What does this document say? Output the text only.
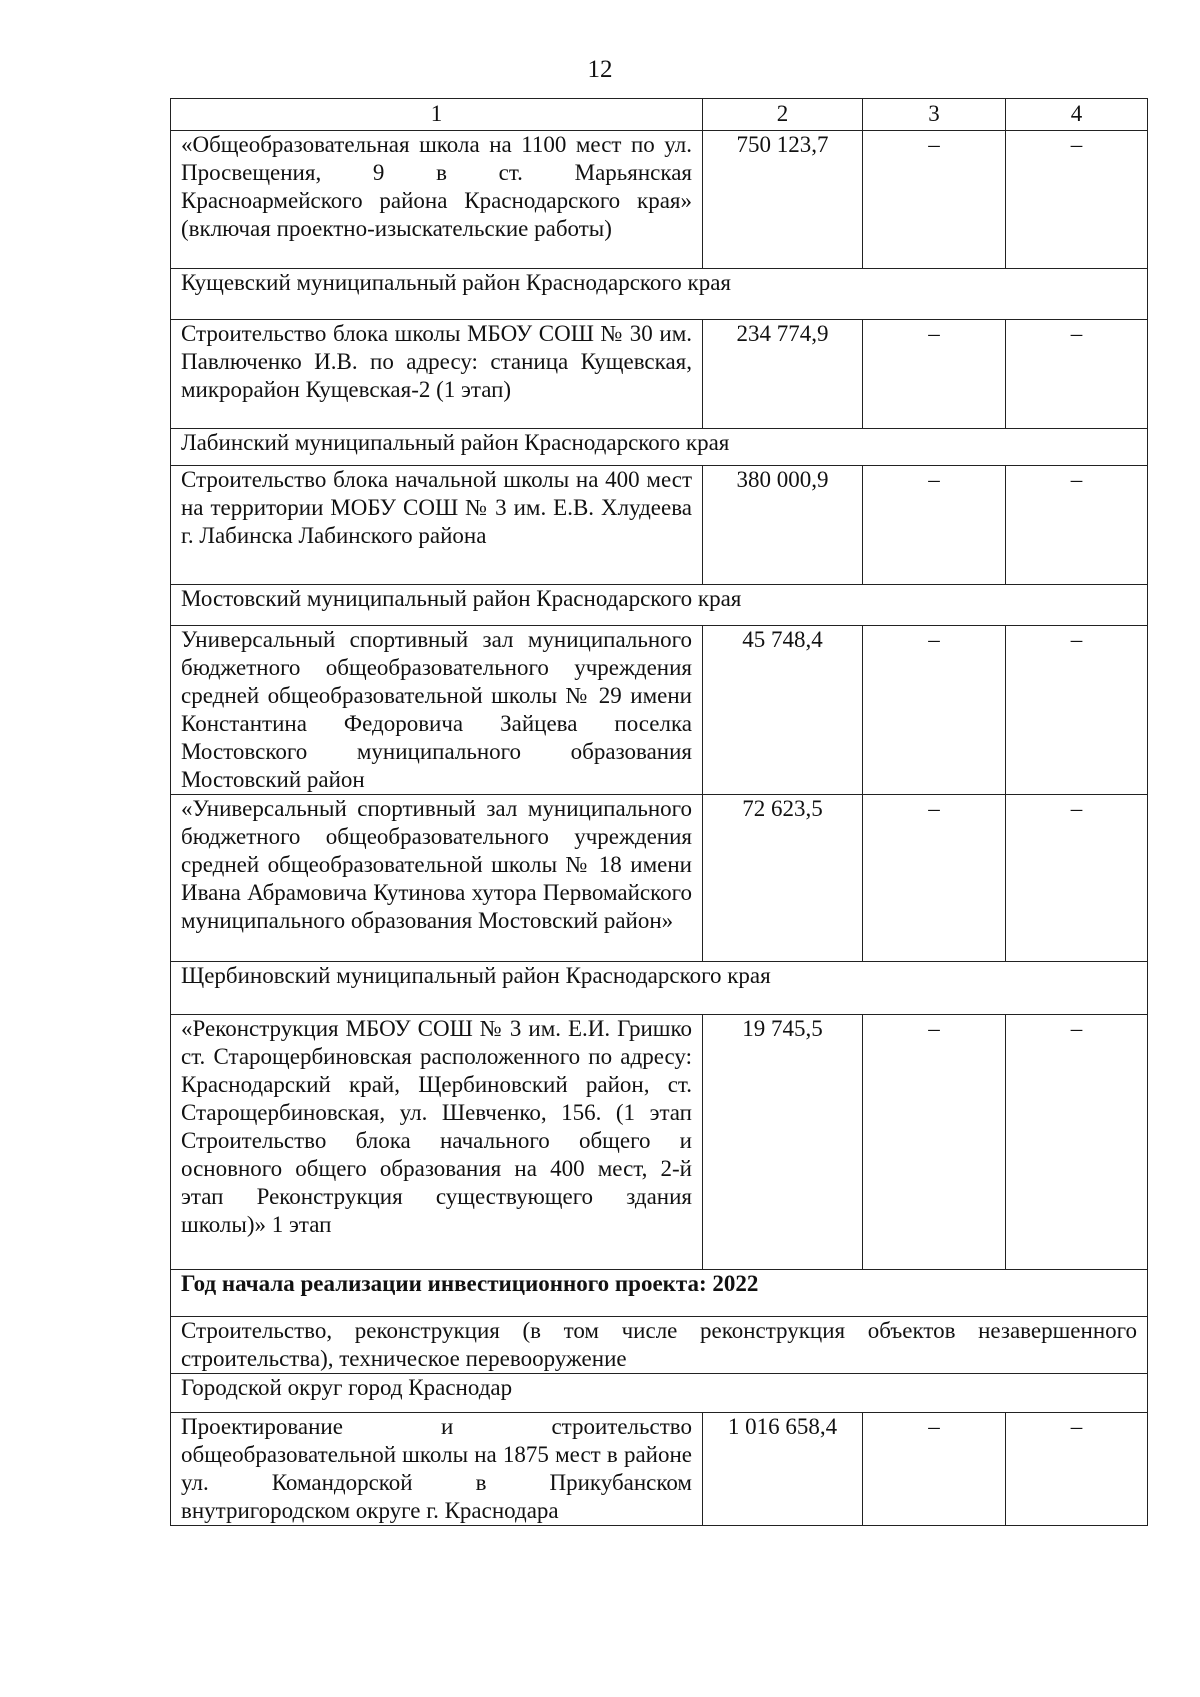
12
1	2	3	4
«Общеобразовательная школа на 1100 мест по ул. Просвещения, 9 в ст. Марьянская Красноармейского района Краснодарского края» (включая проектно-изыскательские работы)	750 123,7	–	–
Кущевский муниципальный район Краснодарского края			
Строительство блока школы МБОУ СОШ № 30 им. Павлюченко И.В. по адресу: станица Кущевская, микрорайон Кущевская-2 (1 этап)	234 774,9	–	–
Лабинский муниципальный район Краснодарского края			
Строительство блока начальной школы на 400 мест на территории МОБУ СОШ № 3 им. Е.В. Хлудеева г. Лабинска Лабинского района	380 000,9	–	–
Мостовский муниципальный район Краснодарского края			
Универсальный спортивный зал муниципального бюджетного общеобразовательного учреждения средней общеобразовательной школы № 29 имени Константина Федоровича Зайцева поселка Мостовского муниципального образования Мостовский район	45 748,4	–	–
«Универсальный спортивный зал муниципального бюджетного общеобразовательного учреждения средней общеобразовательной школы № 18 имени Ивана Абрамовича Кутинова хутора Первомайского муниципального образования Мостовский район»	72 623,5	–	–
Щербиновский муниципальный район Краснодарского края			
«Реконструкция МБОУ СОШ № 3 им. Е.И. Гришко ст. Старощербиновская расположенного по адресу: Краснодарский край, Щербиновский район, ст. Старощербиновская, ул. Шевченко, 156. (1 этап Строительство блока начального общего и основного общего образования на 400 мест, 2-й этап Реконструкция существующего здания школы)» 1 этап	19 745,5	–	–
Год начала реализации инвестиционного проекта: 2022			
Строительство, реконструкция (в том числе реконструкция объектов незавершенного строительства), техническое перевооружение			
Городской округ город Краснодар			
Проектирование и строительство общеобразовательной школы на 1875 мест в районе ул. Командорской в Прикубанском внутригородском округе г. Краснодара	1 016 658,4	–	–
